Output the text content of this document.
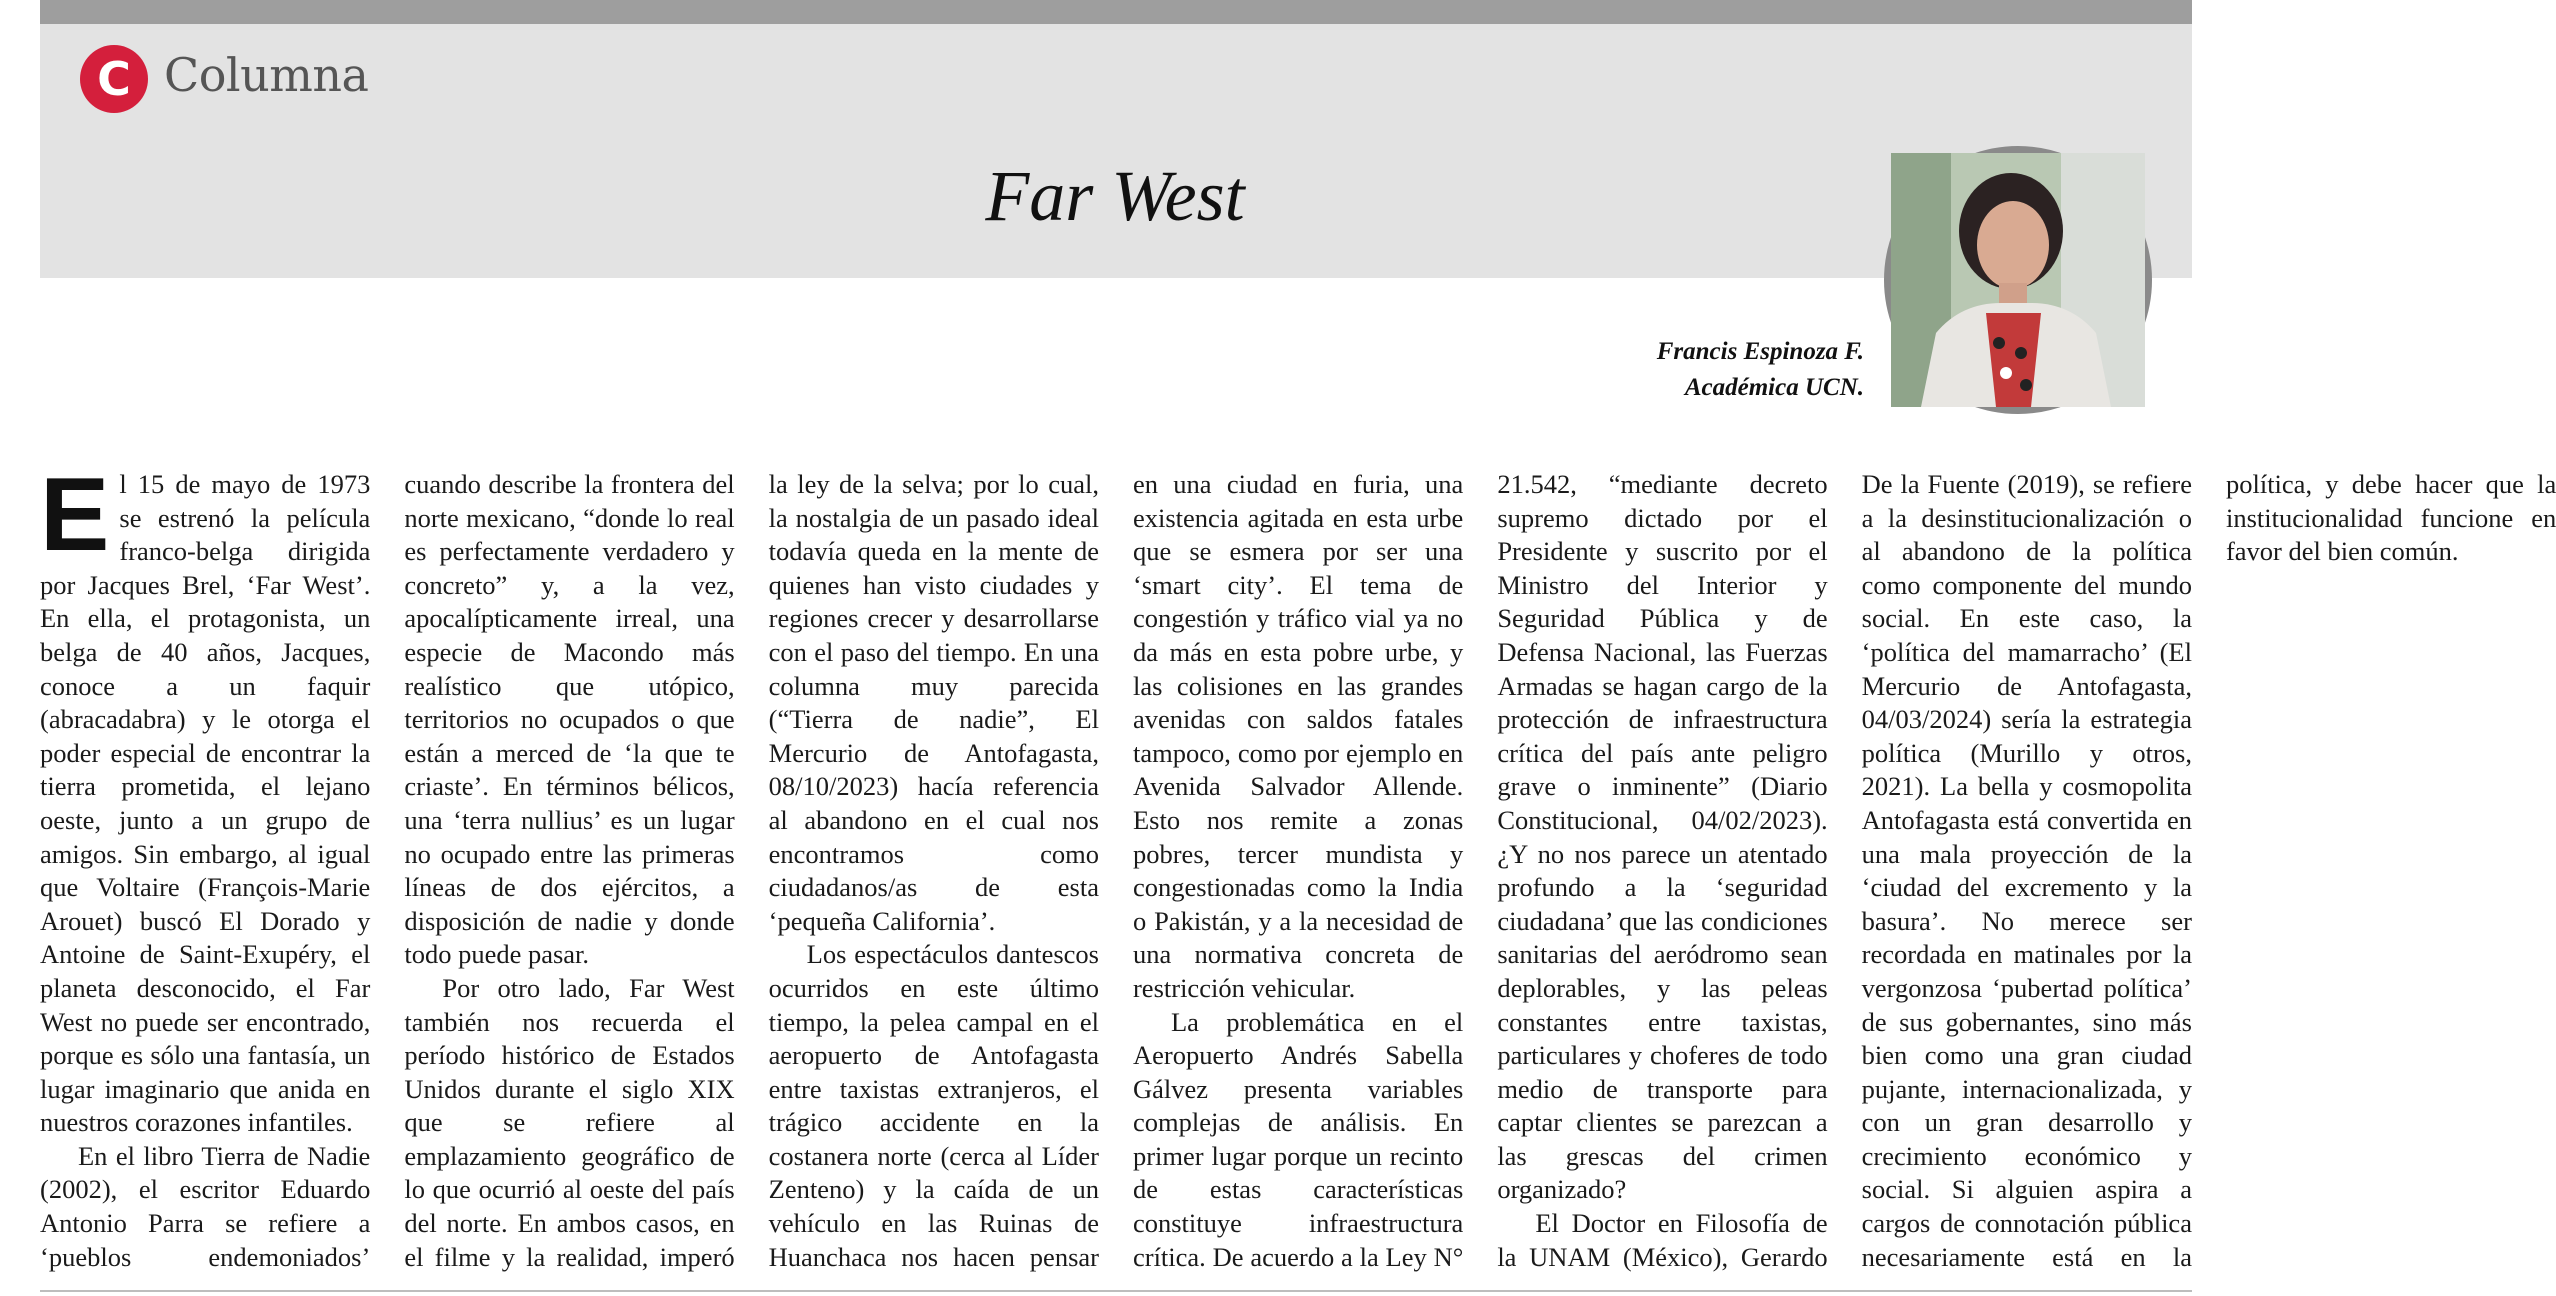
C Columna
Far West
Francis Espinoza F.
Académica UCN.

El 15 de mayo de 1973 se estrenó la película franco-belga dirigida por Jacques Brel, ‘Far West’. En ella, el protagonista, un belga de 40 años, Jacques, conoce a un faquir (abracadabra) y le otorga el poder especial de encontrar la tierra prometida, el lejano oeste, junto a un grupo de amigos. Sin embargo, al igual que Voltaire (François-Marie Arouet) buscó El Dorado y Antoine de Saint-Exupéry, el planeta desconocido, el Far West no puede ser encontrado, porque es sólo una fantasía, un lugar imaginario que anida en nuestros corazones infantiles.

En el libro Tierra de Nadie (2002), el escritor Eduardo Antonio Parra se refiere a ‘pueblos endemoniados’ cuando describe la frontera del norte mexicano, “donde lo real es perfectamente verdadero y concreto” y, a la vez, apocalípticamente irreal, una especie de Macondo más realístico que utópico, territorios no ocupados o que están a merced de ‘la que te criaste’. En términos bélicos, una ‘terra nullius’ es un lugar no ocupado entre las primeras líneas de dos ejércitos, a disposición de nadie y donde todo puede pasar.

Por otro lado, Far West también nos recuerda el período histórico de Estados Unidos durante el siglo XIX que se refiere al emplazamiento geográfico de lo que ocurrió al oeste del país del norte. En ambos casos, en el filme y la realidad, imperó la ley de la selva; por lo cual, la nostalgia de un pasado ideal todavía queda en la mente de quienes han visto ciudades y regiones crecer y desarrollarse con el paso del tiempo. En una columna muy parecida (“Tierra de nadie”, El Mercurio de Antofagasta, 08/10/2023) hacía referencia al abandono en el cual nos encontramos como ciudadanos/as de esta ‘pequeña California’.

Los espectáculos dantescos ocurridos en este último tiempo, la pelea campal en el aeropuerto de Antofagasta entre taxistas extranjeros, el trágico accidente en la costanera norte (cerca al Líder Zenteno) y la caída de un vehículo en las Ruinas de Huanchaca nos hacen pensar en una ciudad en furia, una existencia agitada en esta urbe que se esmera por ser una ‘smart city’. El tema de congestión y tráfico vial ya no da más en esta pobre urbe, y las colisiones en las grandes avenidas con saldos fatales tampoco, como por ejemplo en Avenida Salvador Allende. Esto nos remite a zonas pobres, tercer mundista y congestionadas como la India o Pakistán, y a la necesidad de una normativa concreta de restricción vehicular.

La problemática en el Aeropuerto Andrés Sabella Gálvez presenta variables complejas de análisis. En primer lugar porque un recinto de estas características constituye infraestructura crítica. De acuerdo a la Ley N° 21.542, “mediante decreto supremo dictado por el Presidente y suscrito por el Ministro del Interior y Seguridad Pública y de Defensa Nacional, las Fuerzas Armadas se hagan cargo de la protección de infraestructura crítica del país ante peligro grave o inminente” (Diario Constitucional, 04/02/2023). ¿Y no nos parece un atentado profundo a la ‘seguridad ciudadana’ que las condiciones sanitarias del aeródromo sean deplorables, y las peleas constantes entre taxistas, particulares y choferes de todo medio de transporte para captar clientes se parezcan a las grescas del crimen organizado?

El Doctor en Filosofía de la UNAM (México), Gerardo De la Fuente (2019), se refiere a la desinstitucionalización o al abandono de la política como componente del mundo social. En este caso, la ‘política del mamarracho’ (El Mercurio de Antofagasta, 04/03/2024) sería la estrategia política (Murillo y otros, 2021). La bella y cosmopolita Antofagasta está convertida en una mala proyección de la ‘ciudad del excremento y la basura’. No merece ser recordada en matinales por la vergonzosa ‘pubertad política’ de sus gobernantes, sino más bien como una gran ciudad pujante, internacionalizada, y con un gran desarrollo y crecimiento económico y social. Si alguien aspira a cargos de connotación pública necesariamente está en la política, y debe hacer que la institucionalidad funcione en favor del bien común.
